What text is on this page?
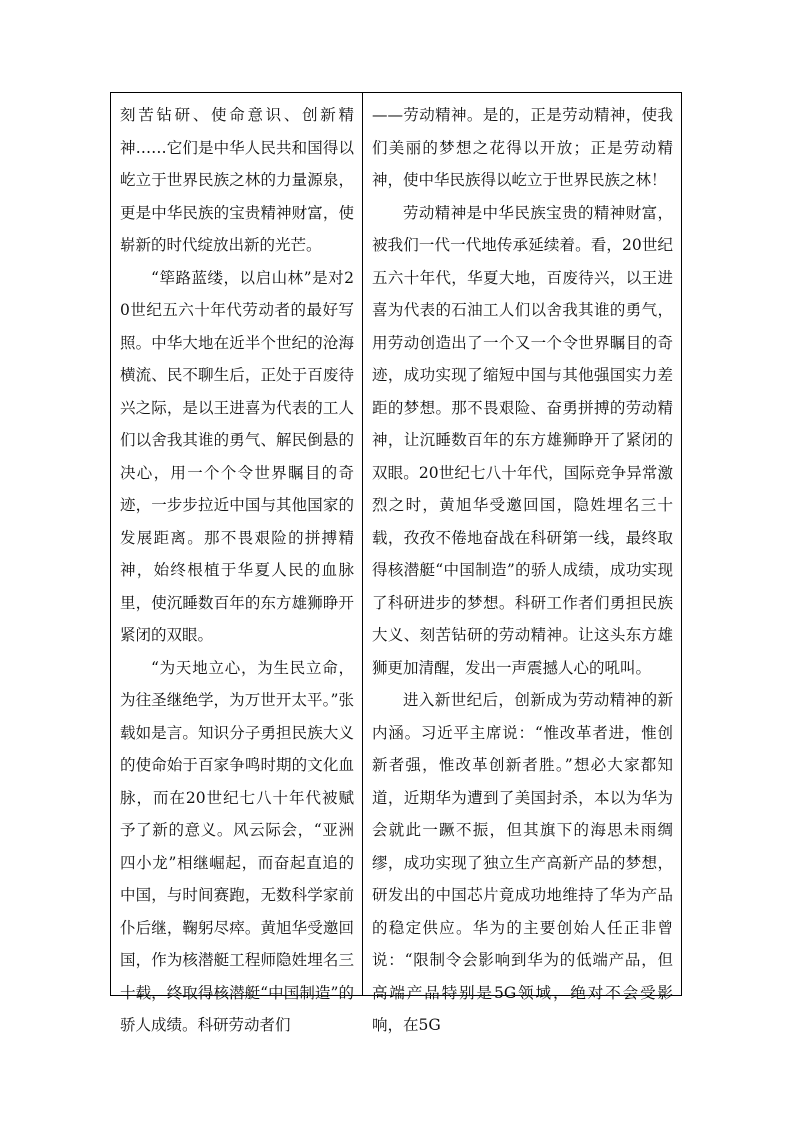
刻苦钻研、使命意识、创新精神……它们是中华人民共和国得以屹立于世界民族之林的力量源泉，更是中华民族的宝贵精神财富，使崭新的时代绽放出新的光芒。

“筚路蓝缕，以启山林”是对20世纪五六十年代劳动者的最好写照。中华大地在近半个世纪的沧海横流、民不聊生后，正处于百废待兴之际，是以王进喜为代表的工人们以舍我其谁的勇气、解民倒悬的决心，用一个个令世界瞩目的奇迹，一步步拉近中国与其他国家的发展距离。那不畏艰险的拼搏精神，始终根植于华夏人民的血脉里，使沉睡数百年的东方雄狮睁开紧闭的双眼。

“为天地立心，为生民立命，为往圣继绝学，为万世开太平。”张载如是言。知识分子勇担民族大义的使命始于百家争鸣时期的文化血脉，而在20世纪七八十年代被赋予了新的意义。风云际会，“亚洲四小龙”相继崛起，而奋起直追的中国，与时间赛跑，无数科学家前仆后继，鞠躬尽瘁。黄旭华受邀回国，作为核潜艇工程师隐姓埋名三十载，终取得核潜艇“中国制造”的骄人成绩。科研劳动者们

——劳动精神。是的，正是劳动精神，使我们美丽的梦想之花得以开放；正是劳动精神，使中华民族得以屹立于世界民族之林！

劳动精神是中华民族宝贵的精神财富，被我们一代一代地传承延续着。看，20世纪五六十年代，华夏大地，百废待兴，以王进喜为代表的石油工人们以舍我其谁的勇气，用劳动创造出了一个又一个令世界瞩目的奇迹，成功实现了缩短中国与其他强国实力差距的梦想。那不畏艰险、奋勇拼搏的劳动精神，让沉睡数百年的东方雄狮睁开了紧闭的双眼。20世纪七八十年代，国际竞争异常激烈之时，黄旭华受邀回国，隐姓埋名三十载，孜孜不倦地奋战在科研第一线，最终取得核潜艇“中国制造”的骄人成绩，成功实现了科研进步的梦想。科研工作者们勇担民族大义、刻苦钻研的劳动精神。让这头东方雄狮更加清醒，发出一声震撼人心的吼叫。

进入新世纪后，创新成为劳动精神的新内涵。习近平主席说：“惟改革者进，惟创新者强，惟改革创新者胜。”想必大家都知道，近期华为遭到了美国封杀，本以为华为会就此一蹶不振，但其旗下的海思未雨绸缪，成功实现了独立生产高新产品的梦想，研发出的中国芯片竟成功地维持了华为产品的稳定供应。华为的主要创始人任正非曾说：“限制令会影响到华为的低端产品，但高端产品特别是5G领域，绝对不会受影响，在5G
